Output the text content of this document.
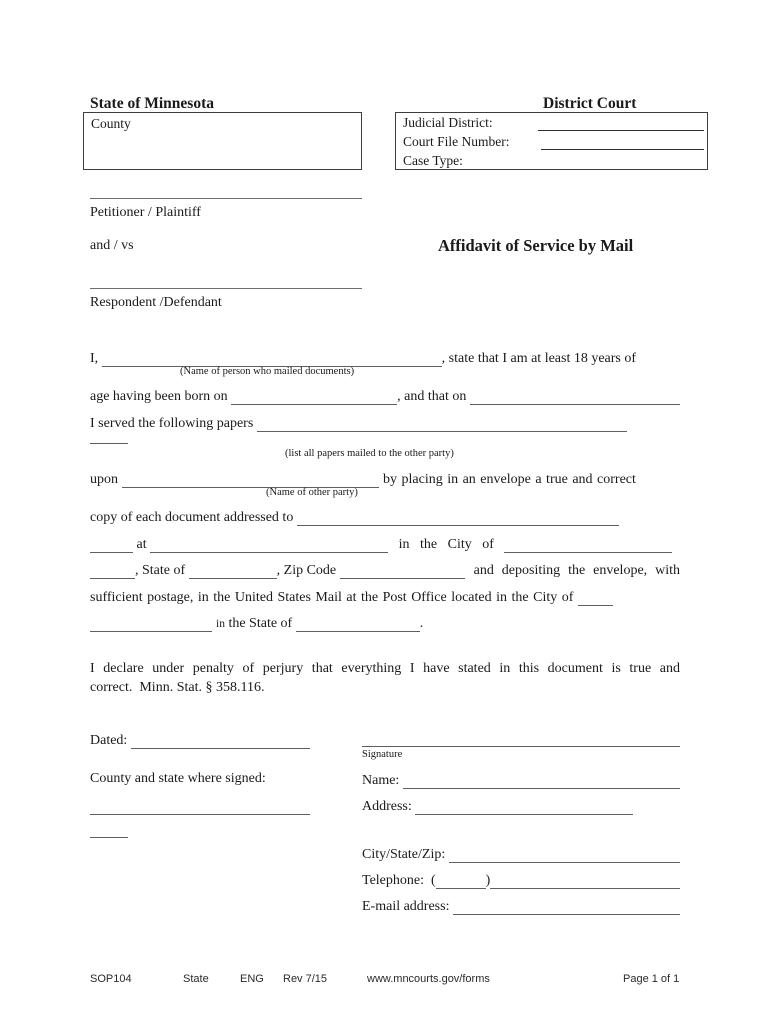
State of Minnesota	District Court
County	Judicial District:
Court File Number:
Case Type:
Petitioner / Plaintiff
and / vs	Affidavit of Service by Mail
Respondent /Defendant
I,	, state that I am at least 18 years of
(Name of person who mailed documents)
age having been born on	, and that on
I served the following papers
(list all papers mailed to the other party)
upon	by placing in an envelope a true and correct
(Name of other party)
copy of each document addressed to
at	in the City of
, State of	, Zip Code	and depositing the envelope, with
sufficient postage, in the United States Mail at the Post Office located in the City of
in the State of	.
I declare under penalty of perjury that everything I have stated in this document is true and
correct.  Minn. Stat. § 358.116.
Dated:
County and state where signed:
Signature
Name:
Address:
City/State/Zip:
Telephone:  (	)
E-mail address:
SOP104	State	ENG Rev 7/15	www.mncourts.gov/forms	Page 1 of 1
